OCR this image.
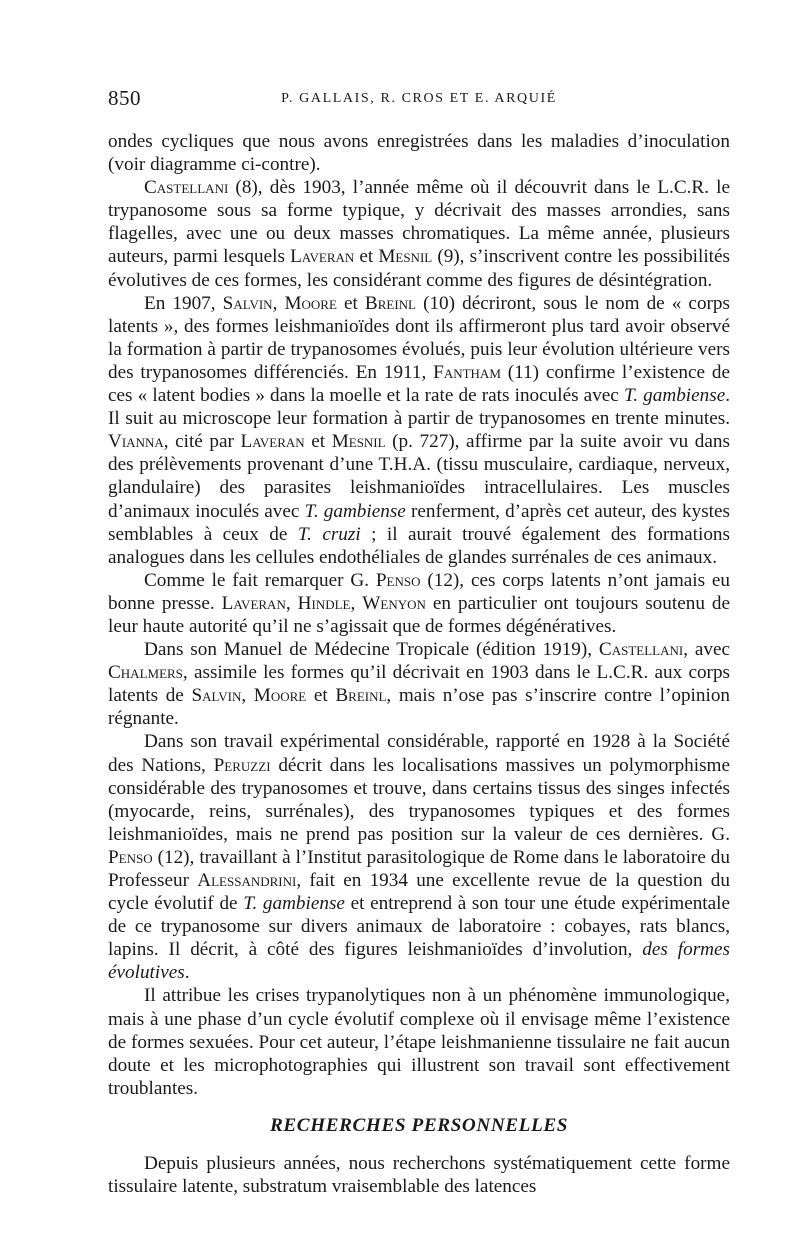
850	P. GALLAIS, R. CROS ET E. ARQUIÉ

ondes cycliques que nous avons enregistrées dans les maladies d’inoculation (voir diagramme ci-contre).

Castellani (8), dès 1903, l’année même où il découvrit dans le L.C.R. le trypanosome sous sa forme typique, y décrivait des masses arrondies, sans flagelles, avec une ou deux masses chromatiques. La même année, plusieurs auteurs, parmi lesquels Laveran et Mesnil (9), s’inscrivent contre les possibilités évolutives de ces formes, les considérant comme des figures de désintégration.

En 1907, Salvin, Moore et Breinl (10) décriront, sous le nom de « corps latents », des formes leishmanioïdes dont ils affirmeront plus tard avoir observé la formation à partir de trypanosomes évolués, puis leur évolution ultérieure vers des trypanosomes différenciés. En 1911, Fantham (11) confirme l’existence de ces « latent bodies » dans la moelle et la rate de rats inoculés avec T. gambiense. Il suit au microscope leur formation à partir de trypanosomes en trente minutes. Vianna, cité par Laveran et Mesnil (p. 727), affirme par la suite avoir vu dans des prélèvements provenant d’une T.H.A. (tissu musculaire, cardiaque, nerveux, glandulaire) des parasites leishmanioïdes intracellulaires. Les muscles d’animaux inoculés avec T. gambiense renferment, d’après cet auteur, des kystes semblables à ceux de T. cruzi ; il aurait trouvé également des formations analogues dans les cellules endothéliales de glandes surrénales de ces animaux.

Comme le fait remarquer G. Penso (12), ces corps latents n’ont jamais eu bonne presse. Laveran, Hindle, Wenyon en particulier ont toujours soutenu de leur haute autorité qu’il ne s’agissait que de formes dégénératives.

Dans son Manuel de Médecine Tropicale (édition 1919), Castellani, avec Chalmers, assimile les formes qu’il décrivait en 1903 dans le L.C.R. aux corps latents de Salvin, Moore et Breinl, mais n’ose pas s’inscrire contre l’opinion régnante.

Dans son travail expérimental considérable, rapporté en 1928 à la Société des Nations, Peruzzi décrit dans les localisations massives un polymorphisme considérable des trypanosomes et trouve, dans certains tissus des singes infectés (myocarde, reins, surrénales), des trypanosomes typiques et des formes leishmanioïdes, mais ne prend pas position sur la valeur de ces dernières. G. Penso (12), travaillant à l’Institut parasitologique de Rome dans le laboratoire du Professeur Alessandrini, fait en 1934 une excellente revue de la question du cycle évolutif de T. gambiense et entreprend à son tour une étude expérimentale de ce trypanosome sur divers animaux de laboratoire : cobayes, rats blancs, lapins. Il décrit, à côté des figures leishmanioïdes d’involution, des formes évolutives.

Il attribue les crises trypanolytiques non à un phénomène immunologique, mais à une phase d’un cycle évolutif complexe où il envisage même l’existence de formes sexuées. Pour cet auteur, l’étape leishmanienne tissulaire ne fait aucun doute et les microphotographies qui illustrent son travail sont effectivement troublantes.

RECHERCHES PERSONNELLES

Depuis plusieurs années, nous recherchons systématiquement cette forme tissulaire latente, substratum vraisemblable des latences
